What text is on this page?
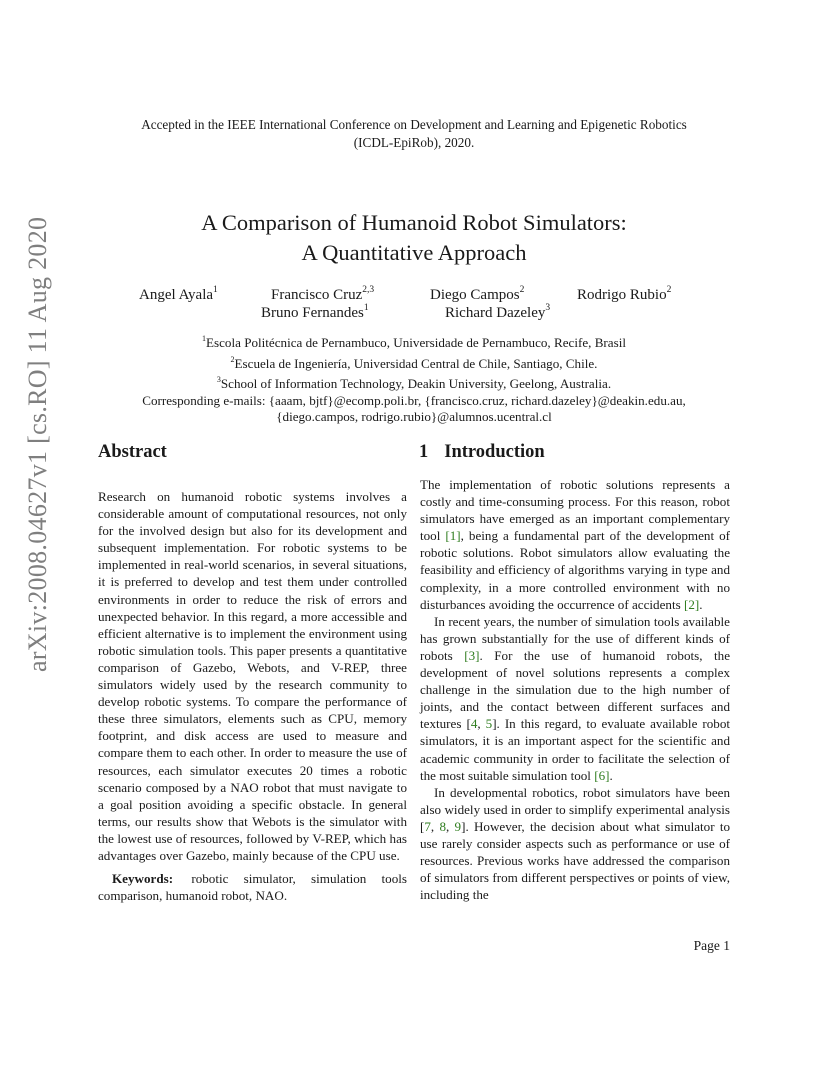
arXiv:2008.04627v1 [cs.RO] 11 Aug 2020
Accepted in the IEEE International Conference on Development and Learning and Epigenetic Robotics
(ICDL-EpiRob), 2020.
A Comparison of Humanoid Robot Simulators:
A Quantitative Approach
Angel Ayala$^1$	Francisco Cruz$^{2,3}$	Diego Campos$^2$	Rodrigo Rubio$^2$
Bruno Fernandes$^1$	Richard Dazeley$^3$
$^1$Escola Politécnica de Pernambuco, Universidade de Pernambuco, Recife, Brasil
$^2$Escuela de Ingeniería, Universidad Central de Chile, Santiago, Chile.
$^3$School of Information Technology, Deakin University, Geelong, Australia.
Corresponding e-mails: {aaam, bjtf}@ecomp.poli.br, {francisco.cruz, richard.dazeley}@deakin.edu.au,
{diego.campos, rodrigo.rubio}@alumnos.ucentral.cl
Abstract	1 Introduction

Research on humanoid robotic systems involves a considerable amount of computational resources, not only for the involved design but also for its development and subsequent implementation. For robotic systems to be implemented in real-world scenarios, in several situations, it is preferred to develop and test them under controlled environments in order to reduce the risk of errors and unexpected behavior. In this regard, a more accessible and efficient alternative is to implement the environment using robotic simulation tools. This paper presents a quantitative comparison of Gazebo, Webots, and V-REP, three simulators widely used by the research community to develop robotic systems. To compare the performance of these three simulators, elements such as CPU, memory footprint, and disk access are used to measure and compare them to each other. In order to measure the use of resources, each simulator executes 20 times a robotic scenario composed by a NAO robot that must navigate to a goal position avoiding a specific obstacle. In general terms, our results show that Webots is the simulator with the lowest use of resources, followed by V-REP, which has advantages over Gazebo, mainly because of the CPU use.

Keywords: robotic simulator, simulation tools comparison, humanoid robot, NAO.

The implementation of robotic solutions represents a costly and time-consuming process. For this reason, robot simulators have emerged as an important complementary tool [1], being a fundamental part of the development of robotic solutions. Robot simulators allow evaluating the feasibility and efficiency of algorithms varying in type and complexity, in a more controlled environment with no disturbances avoiding the occurrence of accidents [2].

In recent years, the number of simulation tools available has grown substantially for the use of different kinds of robots [3]. For the use of humanoid robots, the development of novel solutions represents a complex challenge in the simulation due to the high number of joints, and the contact between different surfaces and textures [4, 5]. In this regard, to evaluate available robot simulators, it is an important aspect for the scientific and academic community in order to facilitate the selection of the most suitable simulation tool [6].

In developmental robotics, robot simulators have been also widely used in order to simplify experimental analysis [7, 8, 9]. However, the decision about what simulator to use rarely consider aspects such as performance or use of resources. Previous works have addressed the comparison of simulators from different perspectives or points of view, including the

Page 1
